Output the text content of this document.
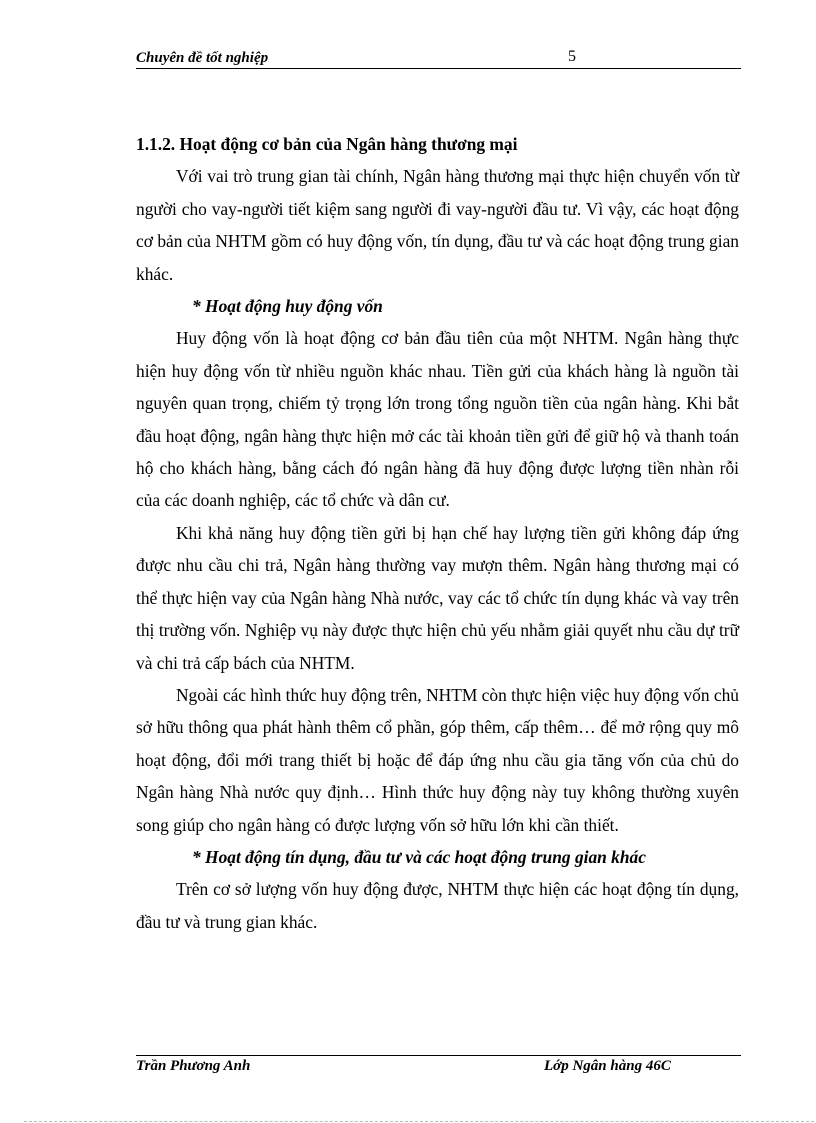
Chuyên đề tốt nghiệp	5
1.1.2. Hoạt động cơ bản của Ngân hàng thương mại

Với vai trò trung gian tài chính, Ngân hàng thương mại thực hiện chuyển vốn từ người cho vay-người tiết kiệm sang người đi vay-người đầu tư. Vì vậy, các hoạt động cơ bản của NHTM gồm có huy động vốn, tín dụng, đầu tư và các hoạt động trung gian khác.

* Hoạt động huy động vốn

Huy động vốn là hoạt động cơ bản đầu tiên của một NHTM. Ngân hàng thực hiện huy động vốn từ nhiều nguồn khác nhau. Tiền gửi của khách hàng là nguồn tài nguyên quan trọng, chiếm tỷ trọng lớn trong tổng nguồn tiền của ngân hàng. Khi bắt đầu hoạt động, ngân hàng thực hiện mở các tài khoản tiền gửi để giữ hộ và thanh toán hộ cho khách hàng, bằng cách đó ngân hàng đã huy động được lượng tiền nhàn rỗi của các doanh nghiệp, các tổ chức và dân cư.

Khi khả năng huy động tiền gửi bị hạn chế hay lượng tiền gửi không đáp ứng được nhu cầu chi trả, Ngân hàng thường vay mượn thêm. Ngân hàng thương mại có thể thực hiện vay của Ngân hàng Nhà nước, vay các tổ chức tín dụng khác và vay trên thị trường vốn. Nghiệp vụ này được thực hiện chủ yếu nhằm giải quyết nhu cầu dự trữ và chi trả cấp bách của NHTM.

Ngoài các hình thức huy động trên, NHTM còn thực hiện việc huy động vốn chủ sở hữu thông qua phát hành thêm cổ phần, góp thêm, cấp thêm… để mở rộng quy mô hoạt động, đổi mới trang thiết bị hoặc để đáp ứng nhu cầu gia tăng vốn của chủ do Ngân hàng Nhà nước quy định… Hình thức huy động này tuy không thường xuyên song giúp cho ngân hàng có được lượng vốn sở hữu lớn khi cần thiết.

* Hoạt động tín dụng, đầu tư và các hoạt động trung gian khác

Trên cơ sở lượng vốn huy động được, NHTM thực hiện các hoạt động tín dụng, đầu tư và trung gian khác.

Trần Phương Anh	Lớp Ngân hàng 46C
